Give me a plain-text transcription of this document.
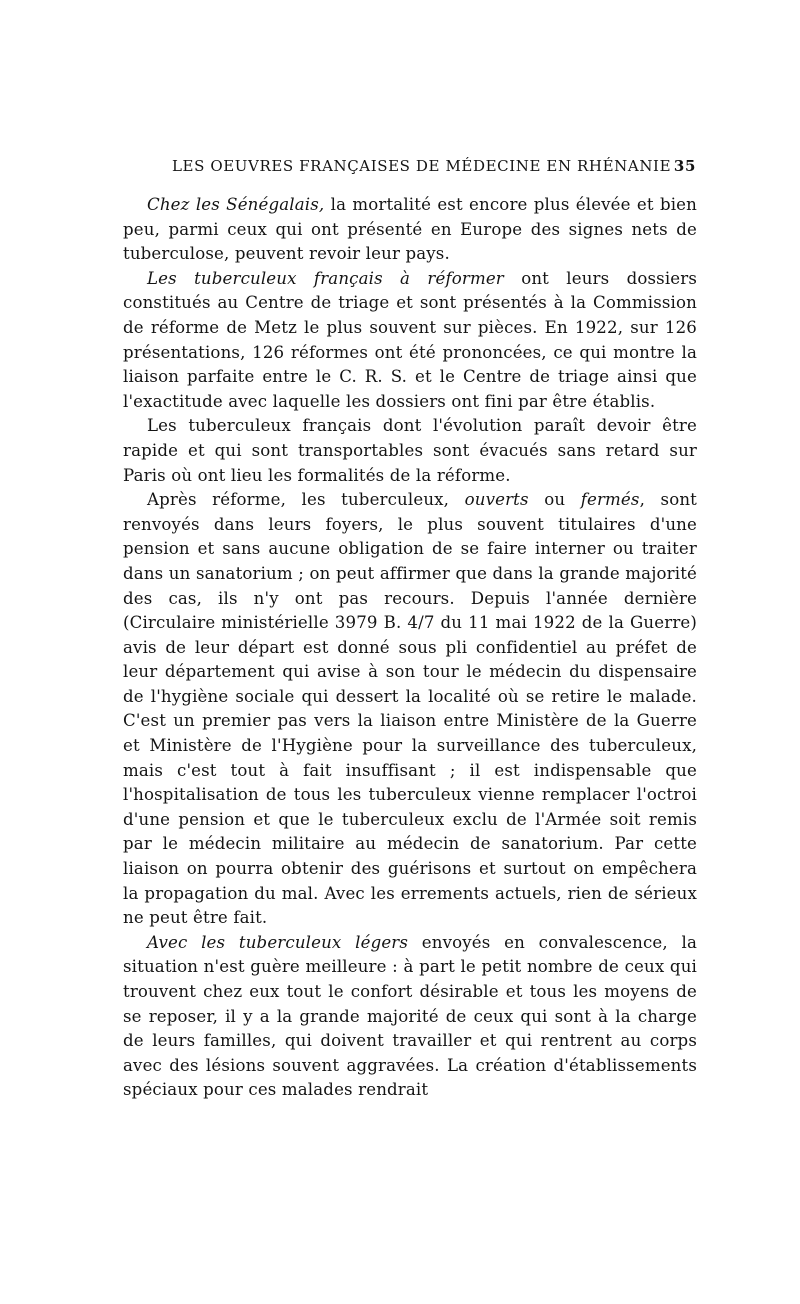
LES OEUVRES FRANÇAISES DE MÉDECINE EN RHÉNANIE 35

Chez les Sénégalais, la mortalité est encore plus élevée et bien peu, parmi ceux qui ont présenté en Europe des signes nets de tuberculose, peuvent revoir leur pays.

Les tuberculeux français à réformer ont leurs dossiers constitués au Centre de triage et sont présentés à la Commission de réforme de Metz le plus souvent sur pièces. En 1922, sur 126 présentations, 126 réformes ont été prononcées, ce qui montre la liaison parfaite entre le C. R. S. et le Centre de triage ainsi que l'exactitude avec laquelle les dossiers ont fini par être établis.

Les tuberculeux français dont l'évolution paraît devoir être rapide et qui sont transportables sont évacués sans retard sur Paris où ont lieu les formalités de la réforme.

Après réforme, les tuberculeux, ouverts ou fermés, sont renvoyés dans leurs foyers, le plus souvent titulaires d'une pension et sans aucune obligation de se faire interner ou traiter dans un sanatorium ; on peut affirmer que dans la grande majorité des cas, ils n'y ont pas recours. Depuis l'année dernière (Circulaire ministérielle 3979 B. 4/7 du 11 mai 1922 de la Guerre) avis de leur départ est donné sous pli confidentiel au préfet de leur département qui avise à son tour le médecin du dispensaire de l'hygiène sociale qui dessert la localité où se retire le malade. C'est un premier pas vers la liaison entre Ministère de la Guerre et Ministère de l'Hygiène pour la surveillance des tuberculeux, mais c'est tout à fait insuffisant ; il est indispensable que l'hospitalisation de tous les tuberculeux vienne remplacer l'octroi d'une pension et que le tuberculeux exclu de l'Armée soit remis par le médecin militaire au médecin de sanatorium. Par cette liaison on pourra obtenir des guérisons et surtout on empêchera la propagation du mal. Avec les errements actuels, rien de sérieux ne peut être fait.

Avec les tuberculeux légers envoyés en convalescence, la situation n'est guère meilleure : à part le petit nombre de ceux qui trouvent chez eux tout le confort désirable et tous les moyens de se reposer, il y a la grande majorité de ceux qui sont à la charge de leurs familles, qui doivent travailler et qui rentrent au corps avec des lésions souvent aggravées. La création d'établissements spéciaux pour ces malades rendrait
